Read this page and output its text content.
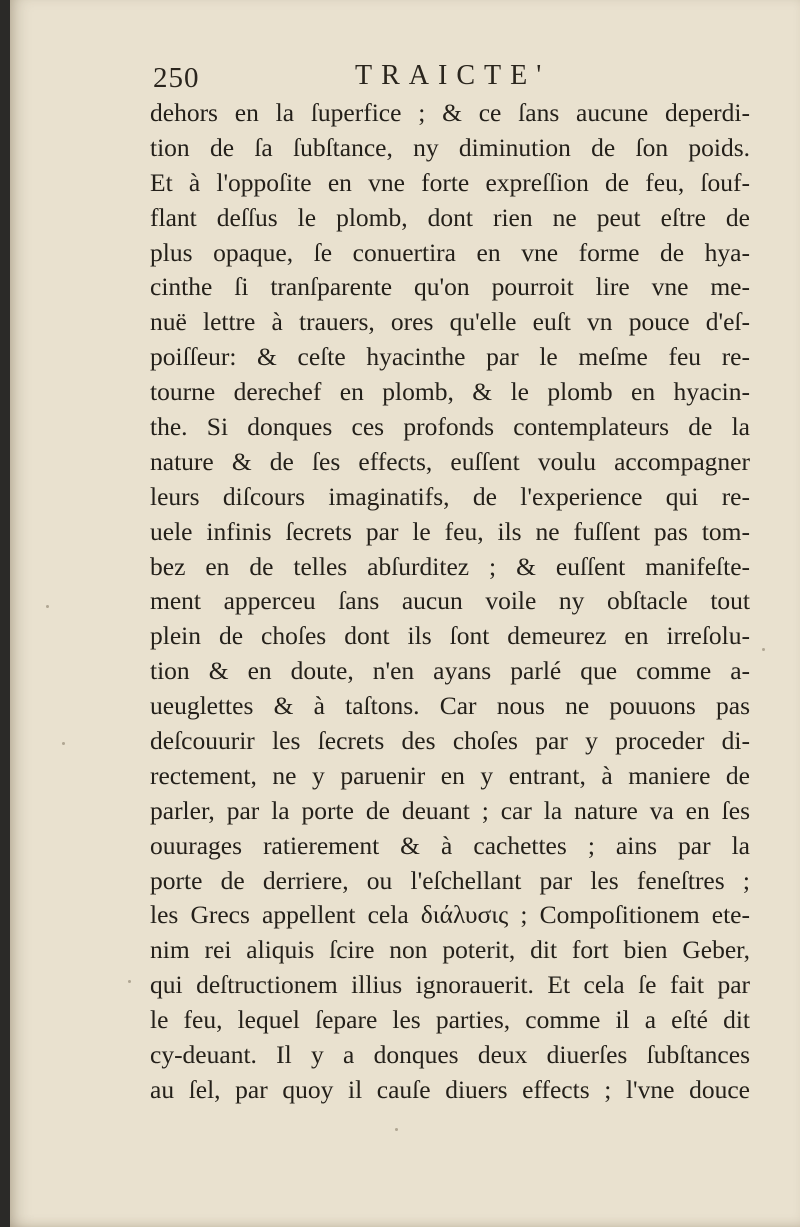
250	TRAICTE'
dehors en la ſuperfice ; & ce ſans aucune deperdi-
tion de ſa ſubſtance, ny diminution de ſon poids.
Et à l'oppoſite en vne forte expreſſion de feu, ſouf-
flant deſſus le plomb, dont rien ne peut eſtre de
plus opaque, ſe conuertira en vne forme de hya-
cinthe ſi tranſparente qu'on pourroit lire vne me-
nuë lettre à trauers, ores qu'elle euſt vn pouce d'eſ-
poiſſeur: & ceſte hyacinthe par le meſme feu re-
tourne derechef en plomb, & le plomb en hyacin-
the. Si donques ces profonds contemplateurs de la
nature & de ſes effects, euſſent voulu accompagner
leurs diſcours imaginatifs, de l'experience qui re-
uele infinis ſecrets par le feu, ils ne fuſſent pas tom-
bez en de telles abſurditez ; & euſſent manifeſte-
ment apperceu ſans aucun voile ny obſtacle tout
plein de choſes dont ils ſont demeurez en irreſolu-
tion & en doute, n'en ayans parlé que comme a-
ueuglettes & à taſtons. Car nous ne pouuons pas
deſcouurir les ſecrets des choſes par y proceder di-
rectement, ne y paruenir en y entrant, à maniere de
parler, par la porte de deuant ; car la nature va en ſes
ouurages ratierement & à cachettes ; ains par la
porte de derriere, ou l'eſchellant par les feneſtres ;
les Grecs appellent cela διάλυσις ; Compoſitionem ete-
nim rei aliquis ſcire non poterit, dit fort bien Geber,
qui deſtructionem illius ignorauerit. Et cela ſe fait par
le feu, lequel ſepare les parties, comme il a eſté dit
cy-deuant. Il y a donques deux diuerſes ſubſtances
au ſel, par quoy il cauſe diuers effects ; l'vne douce
